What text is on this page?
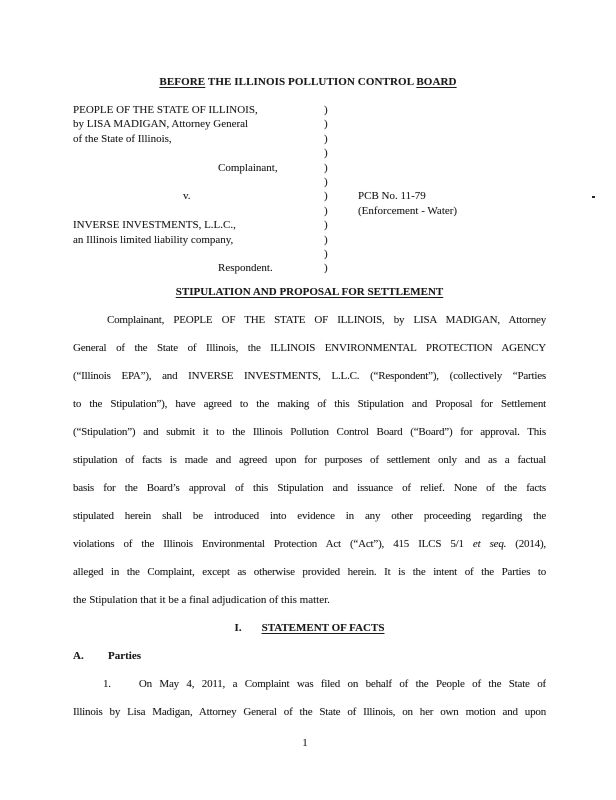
BEFORE THE ILLINOIS POLLUTION CONTROL BOARD
PEOPLE OF THE STATE OF ILLINOIS,	)
by LISA MADIGAN, Attorney General	)
of the State of Illinois,	)
)
Complainant,	)
)
v.	)	PCB No. 11-79
)	(Enforcement - Water)
INVERSE INVESTMENTS, L.L.C.,	)
an Illinois limited liability company,	)
)
Respondent.	)
STIPULATION AND PROPOSAL FOR SETTLEMENT
Complainant, PEOPLE OF THE STATE OF ILLINOIS, by LISA MADIGAN, Attorney
General of the State of Illinois, the ILLINOIS ENVIRONMENTAL PROTECTION AGENCY
(“Illinois EPA”), and INVERSE INVESTMENTS, L.L.C. (“Respondent”), (collectively “Parties
to the Stipulation”), have agreed to the making of this Stipulation and Proposal for Settlement
(“Stipulation”) and submit it to the Illinois Pollution Control Board (“Board”) for approval. This
stipulation of facts is made and agreed upon for purposes of settlement only and as a factual
basis for the Board’s approval of this Stipulation and issuance of relief. None of the facts
stipulated herein shall be introduced into evidence in any other proceeding regarding the
violations of the Illinois Environmental Protection Act (“Act”), 415 ILCS 5/1 et seq. (2014),
alleged in the Complaint, except as otherwise provided herein. It is the intent of the Parties to
the Stipulation that it be a final adjudication of this matter.
I. STATEMENT OF FACTS
A. Parties
1.	On May 4, 2011, a Complaint was filed on behalf of the People of the State of
Illinois by Lisa Madigan, Attorney General of the State of Illinois, on her own motion and upon
1
